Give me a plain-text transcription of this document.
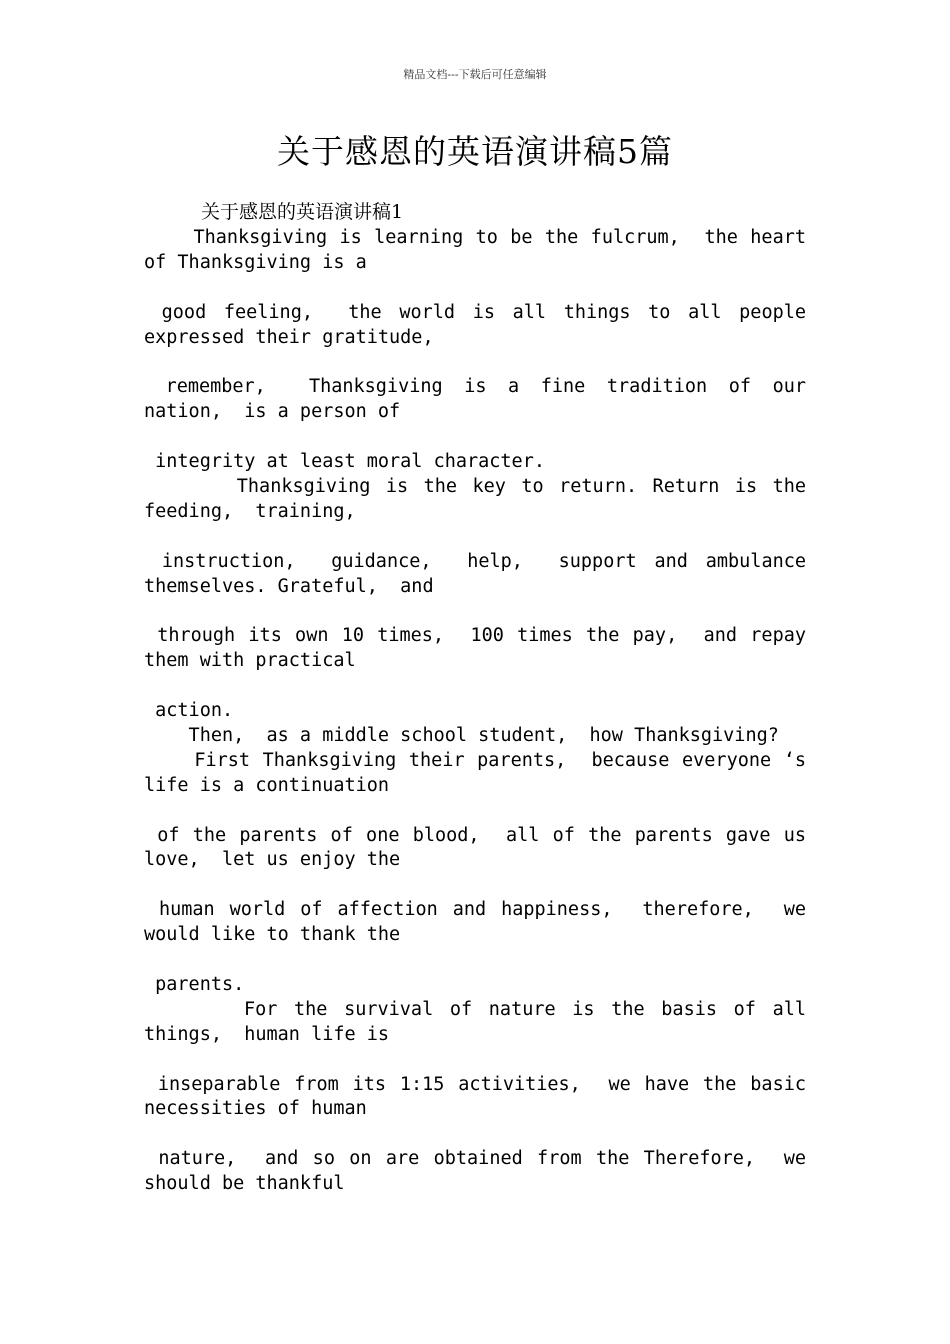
精品文档---下载后可任意编辑
关于感恩的英语演讲稿5篇
关于感恩的英语演讲稿1
Thanksgiving is learning to be the fulcrum,  the heart
of Thanksgiving is a
good feeling,  the world is all things to all people
expressed their gratitude,
remember,  Thanksgiving is a fine tradition of our
nation,  is a person of
integrity at least moral character.
Thanksgiving is the key to return. Return is the
feeding,  training,
instruction,  guidance,  help,  support and ambulance
themselves. Grateful,  and
through its own 10 times,  100 times the pay,  and repay
them with practical
action.
Then,  as a middle school student,  how Thanksgiving?
First Thanksgiving their parents,  because everyone ‘s
life is a continuation
of the parents of one blood,  all of the parents gave us
love,  let us enjoy the
human world of affection and happiness,  therefore,  we
would like to thank the
parents.
For the survival of nature is the basis of all
things,  human life is
inseparable from its 1:15 activities,  we have the basic
necessities of human
nature,  and so on are obtained from the Therefore,  we
should be thankful
